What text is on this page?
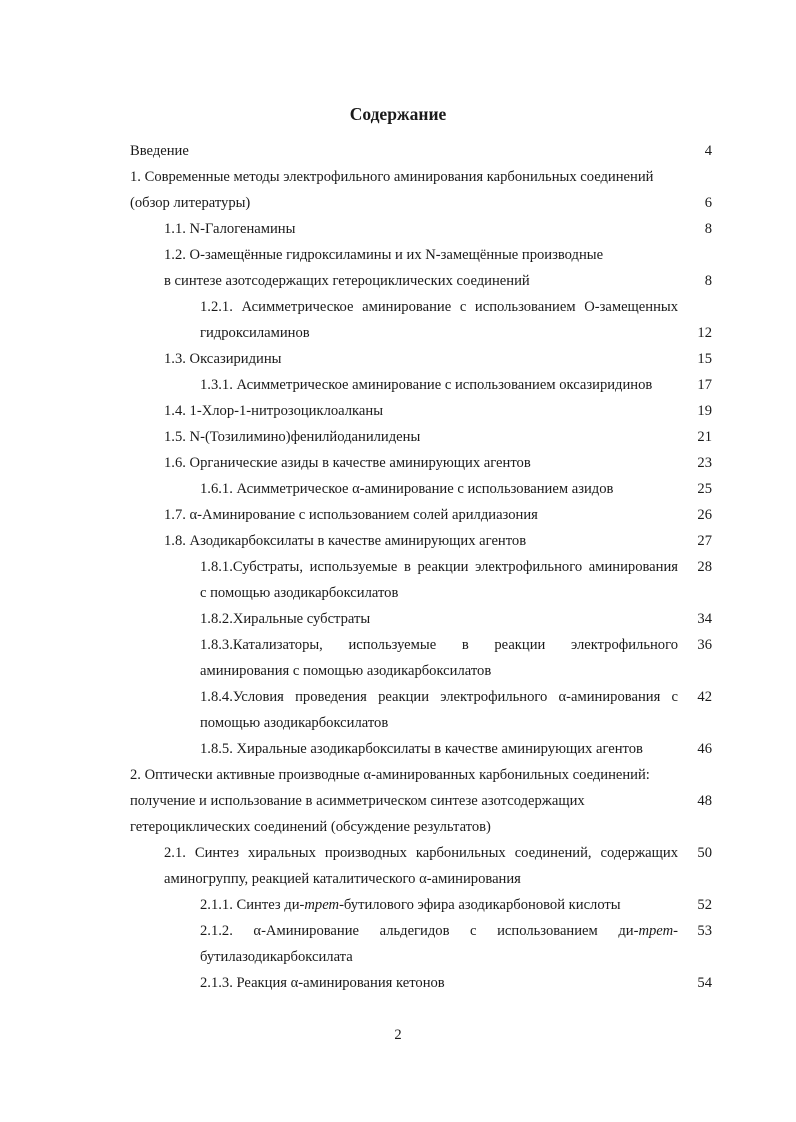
Содержание
Введение	4
1. Современные методы электрофильного аминирования карбонильных соединений
(обзор литературы)	6
1.1. N-Галогенамины	8
1.2. О-замещённые гидроксиламины и их N-замещённые производные
в синтезе азотсодержащих гетероциклических соединений	8
1.2.1. Асимметрическое аминирование с использованием О-замещенных
гидроксиламинов	12
1.3. Оксазиридины	15
1.3.1. Асимметрическое аминирование с использованием оксазиридинов	17
1.4. 1-Хлор-1-нитрозоциклоалканы	19
1.5. N-(Тозилимино)фенилйоданилидены	21
1.6. Органические азиды в качестве аминирующих агентов	23
1.6.1. Асимметрическое α-аминирование с использованием азидов	25
1.7. α-Аминирование с использованием солей арилдиазония	26
1.8. Азодикарбоксилаты в качестве аминирующих агентов	27
1.8.1.Субстраты, используемые в реакции электрофильного аминирования 28
с помощью азодикарбоксилатов
1.8.2.Хиральные субстраты	34
1.8.3.Катализаторы, используемые в реакции электрофильного 36
аминирования с помощью азодикарбоксилатов
1.8.4.Условия проведения реакции электрофильного α-аминирования с 42
помощью азодикарбоксилатов
1.8.5. Хиральные азодикарбоксилаты в качестве аминирующих агентов	46
2. Оптически активные производные α-аминированных карбонильных соединений:
получение и использование в асимметрическом синтезе азотсодержащих	48
гетероциклических соединений (обсуждение результатов)
2.1. Синтез хиральных производных карбонильных соединений, содержащих 50
аминогруппу, реакцией каталитического α-аминирования
2.1.1. Синтез ди-трет-бутилового эфира азодикарбоновой кислоты	52
2.1.2. α-Аминирование альдегидов с использованием ди-трет- 53
бутилазодикарбоксилата
2.1.3. Реакция α-аминирования кетонов	54
2
